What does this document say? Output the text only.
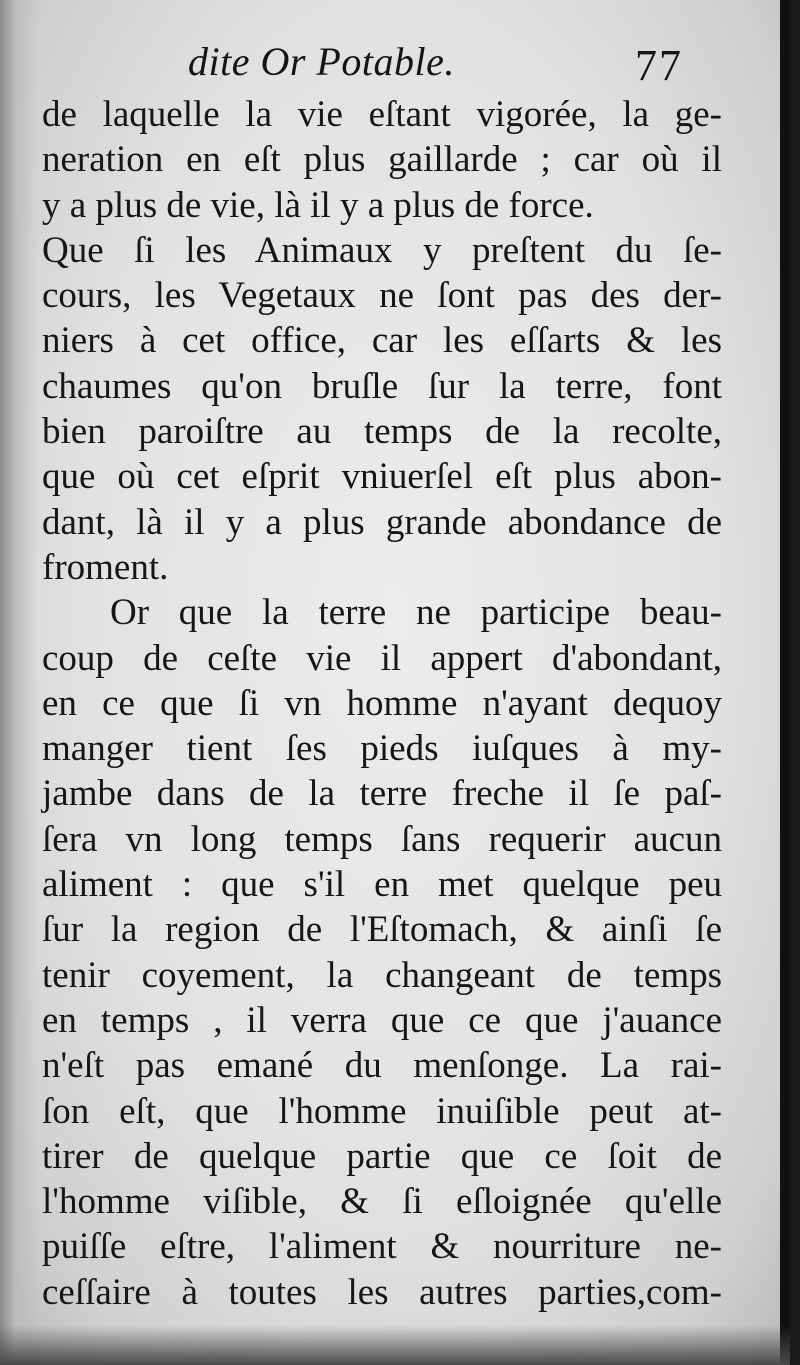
dite Or Potable.	77
de laquelle la vie eſtant vigorée, la ge-
neration en eſt plus gaillarde ; car où il
y a plus de vie, là il y a plus de force.
Que ſi les Animaux y preſtent du ſe-
cours, les Vegetaux ne ſont pas des der-
niers à cet office, car les eſſarts & les
chaumes qu'on bruſle ſur la terre, font
bien paroiſtre au temps de la recolte,
que où cet eſprit vniuerſel eſt plus abon-
dant, là il y a plus grande abondance de
froment.
Or que la terre ne participe beau-
coup de ceſte vie il appert d'abondant,
en ce que ſi vn homme n'ayant dequoy
manger tient ſes pieds iuſques à my-
jambe dans de la terre freche il ſe paſ-
ſera vn long temps ſans requerir aucun
aliment : que s'il en met quelque peu
ſur la region de l'Eſtomach, & ainſi ſe
tenir coyement, la changeant de temps
en temps , il verra que ce que j'auance
n'eſt pas emané du menſonge. La rai-
ſon eſt, que l'homme inuiſible peut at-
tirer de quelque partie que ce ſoit de
l'homme viſible, & ſi eſloignée qu'elle
puiſſe eſtre, l'aliment & nourriture ne-
ceſſaire à toutes les autres parties,com-
